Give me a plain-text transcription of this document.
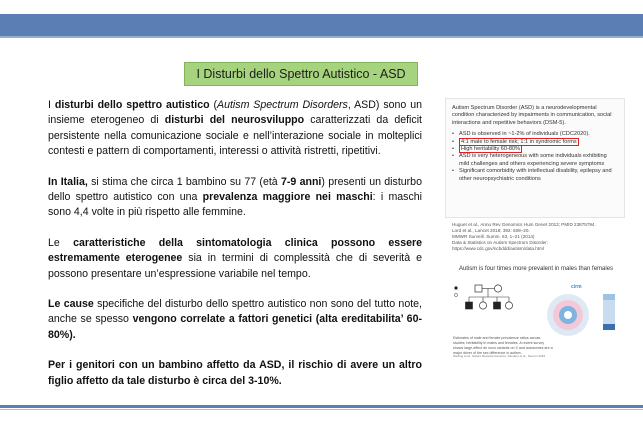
I Disturbi dello Spettro Autistico - ASD

I disturbi dello spettro autistico (Autism Spectrum Disorders, ASD) sono un insieme eterogeneo di disturbi del neurosviluppo caratterizzati da deficit persistente nella comunicazione sociale e nell’interazione sociale in molteplici contesti e pattern di comportamenti, interessi o attività ristretti, ripetitivi.

In Italia, si stima che circa 1 bambino su 77 (età 7-9 anni) presenti un disturbo dello spettro autistico con una prevalenza maggiore nei maschi: i maschi sono 4,4 volte in più rispetto alle femmine.

Le caratteristiche della sintomatologia clinica possono essere estremamente eterogenee sia in termini di complessità che di severità e possono presentare un’espressione variabile nel tempo.

Le cause specifiche del disturbo dello spettro autistico non sono del tutto note, anche se spesso vengono correlate a fattori genetici (alta ereditabilita’ 60-80%).

Per i genitori con un bambino affetto da ASD, il rischio di avere un altro figlio affetto da tale disturbo è circa del 3-10%.

Autism Spectrum Disorder (ASD) is a neurodevelopmental condition characterized by impairments in communication, social interactions and repetitive behaviors (DSM-5).
• ASD is observed in ~1-2% of individuals (CDC2020).
• 4:1 male to female risk; 1:1 in syndromic forms
• High heritability 60-80%
• ASD is very heterogeneous with some individuals exhibiting mild challenges and others experiencing severe symptoms
• Significant comorbidity with intellectual disability, epilepsy and other neuropsychiatric conditions
Huguet et al., Annu Rev Genomics Hum Genet 2013; PMID 23875794.
Lord et al., Lancet 2018; 392: 508–20.
MMWR Surveill. Summ. 63, 1–21 (2014)
Data & Statistics on Autism Spectrum Disorder:
https://www.cdc.gov/ncbddd/autism/data.html
Autism is four times more prevalent in males than females
cirm
Estimates of male and female prevalence ratios across studies; heritability in males and females. A recent survey shows large-effect de novo variants on X and autosomes are a major driver of the sex difference in autism.
Werling et al., Nature Reviews Genetics; Sanders et al., Neuron 2015
